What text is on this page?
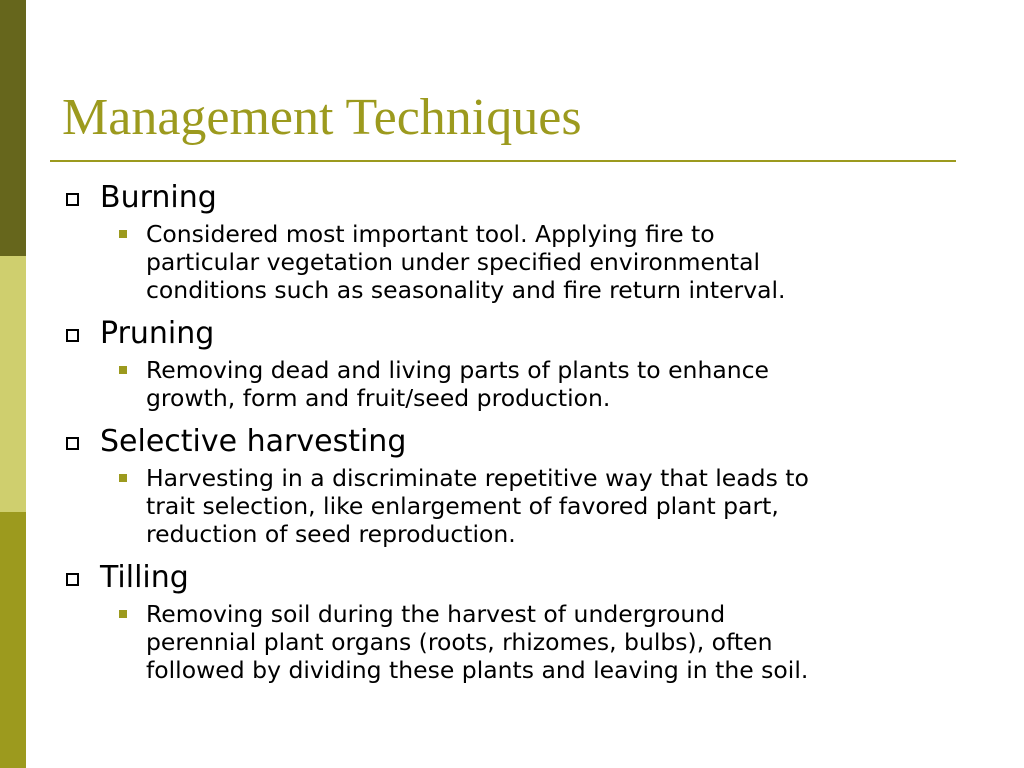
Management Techniques
Burning
Considered most important tool. Applying fire to
particular vegetation under specified environmental
conditions such as seasonality and fire return interval.
Pruning
Removing dead and living parts of plants to enhance
growth, form and fruit/seed production.
Selective harvesting
Harvesting in a discriminate repetitive way that leads to
trait selection, like enlargement of favored plant part,
reduction of seed reproduction.
Tilling
Removing soil during the harvest of underground
perennial plant organs (roots, rhizomes, bulbs), often
followed by dividing these plants and leaving in the soil.
